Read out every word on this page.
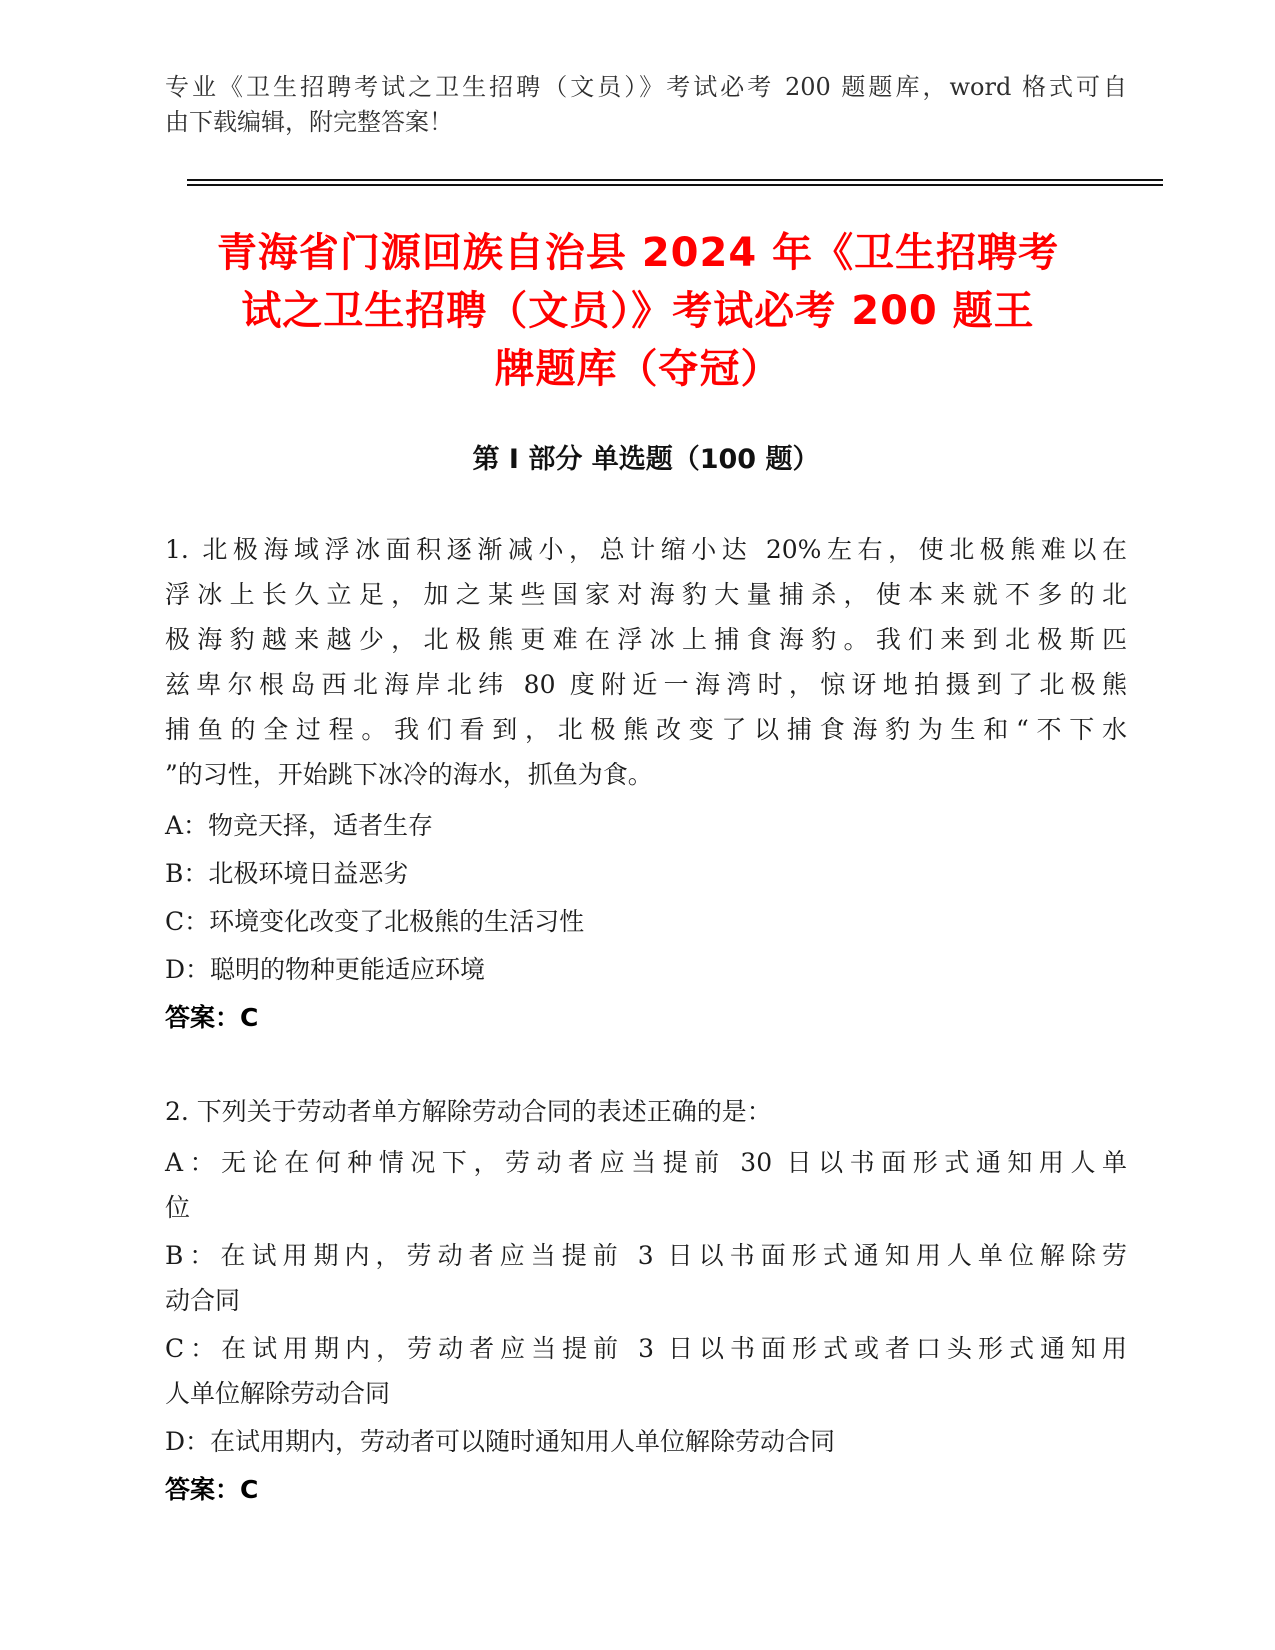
专业《卫生招聘考试之卫生招聘（文员）》考试必考 200 题题库，word 格式可自
由下载编辑，附完整答案！
青海省门源回族自治县 2024 年《卫生招聘考
试之卫生招聘（文员）》考试必考 200 题王
牌题库（夺冠）
第 I 部分 单选题（100 题）
1. 北极海域浮冰面积逐渐减小，总计缩小达 20%左右，使北极熊难以在
浮冰上长久立足，加之某些国家对海豹大量捕杀，使本来就不多的北
极海豹越来越少，北极熊更难在浮冰上捕食海豹。我们来到北极斯匹
兹卑尔根岛西北海岸北纬 80 度附近一海湾时，惊讶地拍摄到了北极熊
捕鱼的全过程。我们看到，北极熊改变了以捕食海豹为生和“不下水
”的习性，开始跳下冰冷的海水，抓鱼为食。
A：物竞天择，适者生存
B：北极环境日益恶劣
C：环境变化改变了北极熊的生活习性
D：聪明的物种更能适应环境
答案：C
2. 下列关于劳动者单方解除劳动合同的表述正确的是：
A：无论在何种情况下，劳动者应当提前 30 日以书面形式通知用人单
位
B：在试用期内，劳动者应当提前 3 日以书面形式通知用人单位解除劳
动合同
C：在试用期内，劳动者应当提前 3 日以书面形式或者口头形式通知用
人单位解除劳动合同
D：在试用期内，劳动者可以随时通知用人单位解除劳动合同
答案：C
